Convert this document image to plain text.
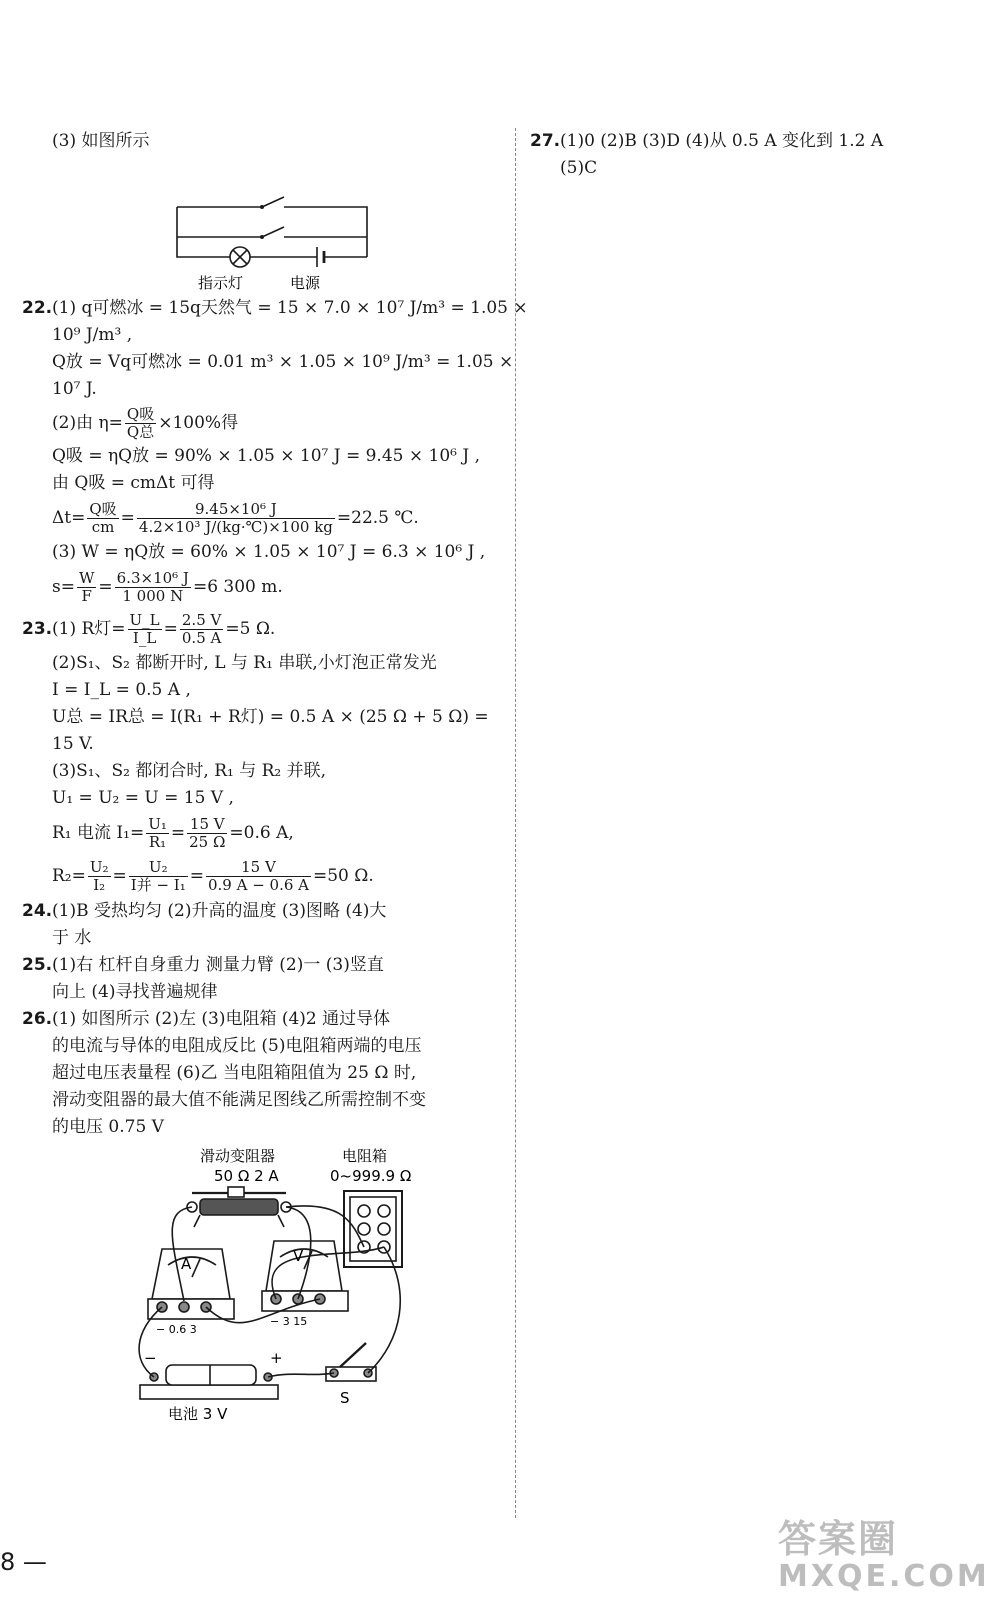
(3) 如图所示
指示灯	电源
22.(1) q可燃冰 = 15q天然气 = 15 × 7.0 × 10⁷ J/m³ = 1.05 ×
10⁹ J/m³ ,
Q放 = Vq可燃冰 = 0.01 m³ × 1.05 × 10⁹ J/m³ = 1.05 ×
10⁷ J.
(2)由 $\eta= \frac{\text{Q吸}}{\text{Q总}} \times 100\%$得
Q吸 = ηQ放 = 90% × 1.05 × 10⁷ J = 9.45 × 10⁶ J ,
由 Q吸 = cmΔt 可得
$\Delta t= \frac{\text{Q吸}}{cm} = \frac{\text{9.45×10⁶ J}}{\text{4.2×10³ J/(kg·℃)×100 kg}} =22.5$ ℃.
(3) W = ηQ放 = 60% × 1.05 × 10⁷ J = 6.3 × 10⁶ J ,
$s= \frac{W}{F} = \frac{\text{6.3×10⁶ J}}{1 000 N} =6$ 300 m.
23.(1) R灯= $\frac{U\_L}{I\_L} = \frac{2.5 V}{0.5 A} =5$ Ω.
(2)S₁、S₂ 都断开时, L 与 R₁ 串联,小灯泡正常发光
I = I_L = 0.5 A ,
U总 = IR总 = I(R₁ + R灯) = 0.5 A × (25 Ω + 5 Ω) =
15 V.
(3)S₁、S₂ 都闭合时, R₁ 与 R₂ 并联,
U₁ = U₂ = U = 15 V ,
R₁ 电流 $I_1= \frac{\text{U₁}}{\text{R₁}} = \frac{15 V}{25 \Omega} =0.6$ A,
$R_2= \frac{\text{U₂}}{\text{I₂}} = \frac{\text{U₂}}{\text{I并 − I₁}} = \frac{15 V}{0.9 A - 0.6 A} =50$ Ω.
24.(1)B 受热均匀 (2)升高的温度 (3)图略 (4)大
于 水
25.(1)右 杠杆自身重力 测量力臂 (2)一 (3)竖直
向上 (4)寻找普遍规律
26.(1) 如图所示 (2)左 (3)电阻箱 (4)2 通过导体
的电流与导体的电阻成反比 (5)电阻箱两端的电压
超过电压表量程 (6)乙 当电阻箱阻值为 25 Ω 时,
滑动变阻器的最大值不能满足图线乙所需控制不变
的电压 0.75 V
滑动变阻器
50 Ω 2 A
电阻箱
0~999.9 Ω
A	V
− 0.6 3
− 3 15
−	+
电池 3 V
S
27.(1)0 (2)B (3)D (4)从 0.5 A 变化到 1.2 A
(5)C
8 —
答案圈
MXQE.COM
